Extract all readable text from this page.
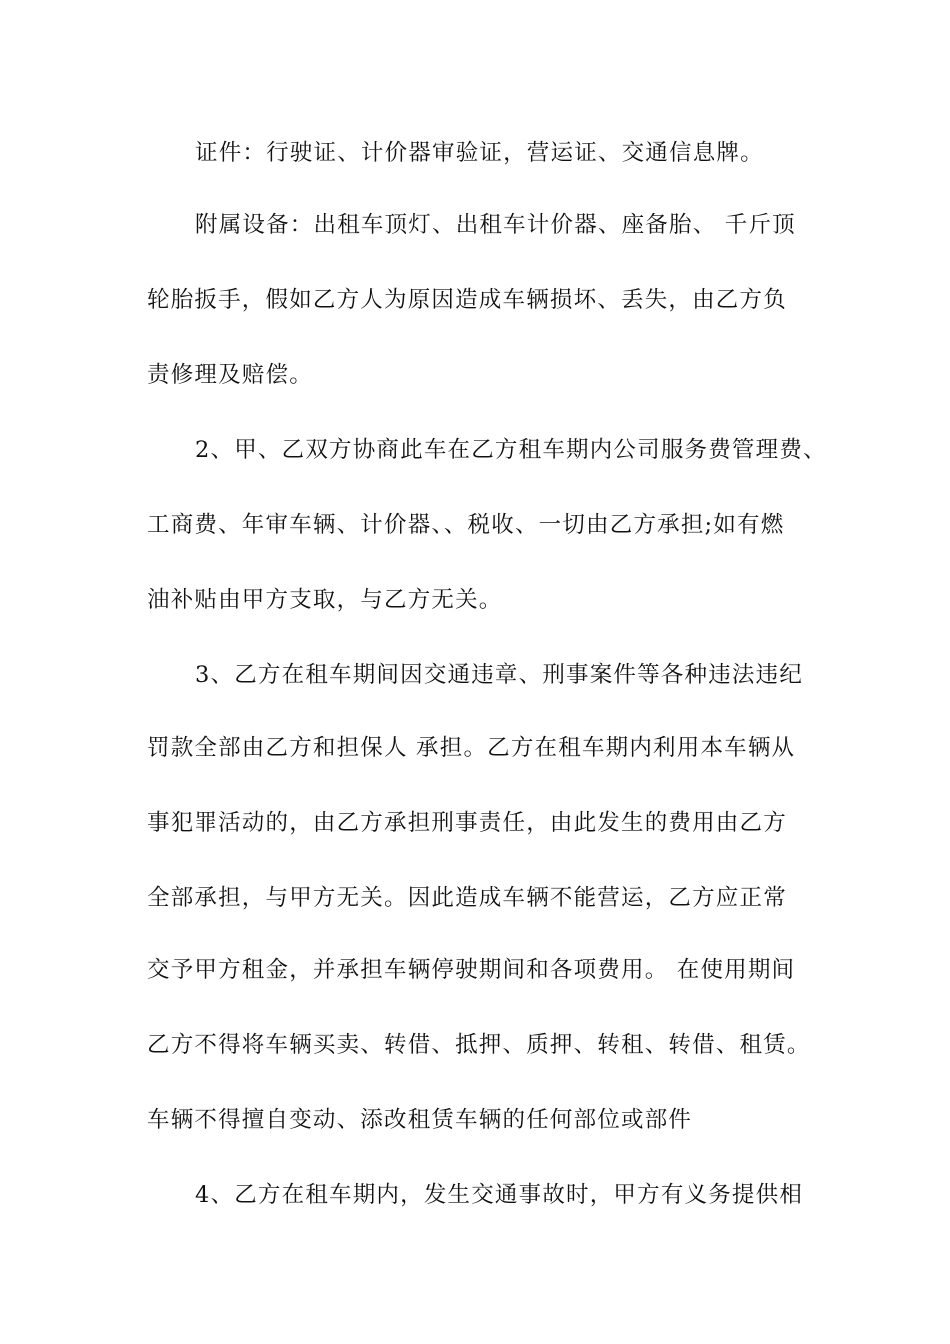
证件：行驶证、计价器审验证，营运证、交通信息牌。
附属设备：出租车顶灯、出租车计价器、座备胎、 千斤顶
轮胎扳手，假如乙方人为原因造成车辆损坏、丢失，由乙方负
责修理及赔偿。
2、甲、乙双方协商此车在乙方租车期内公司服务费管理费、
工商费、年审车辆、计价器、、税收、一切由乙方承担;如有燃
油补贴由甲方支取，与乙方无关。
3、乙方在租车期间因交通违章、刑事案件等各种违法违纪
罚款全部由乙方和担保人 承担。乙方在租车期内利用本车辆从
事犯罪活动的，由乙方承担刑事责任，由此发生的费用由乙方
全部承担，与甲方无关。因此造成车辆不能营运，乙方应正常
交予甲方租金，并承担车辆停驶期间和各项费用。 在使用期间
乙方不得将车辆买卖、转借、抵押、质押、转租、转借、租赁。
车辆不得擅自变动、添改租赁车辆的任何部位或部件
4、乙方在租车期内，发生交通事故时，甲方有义务提供相
